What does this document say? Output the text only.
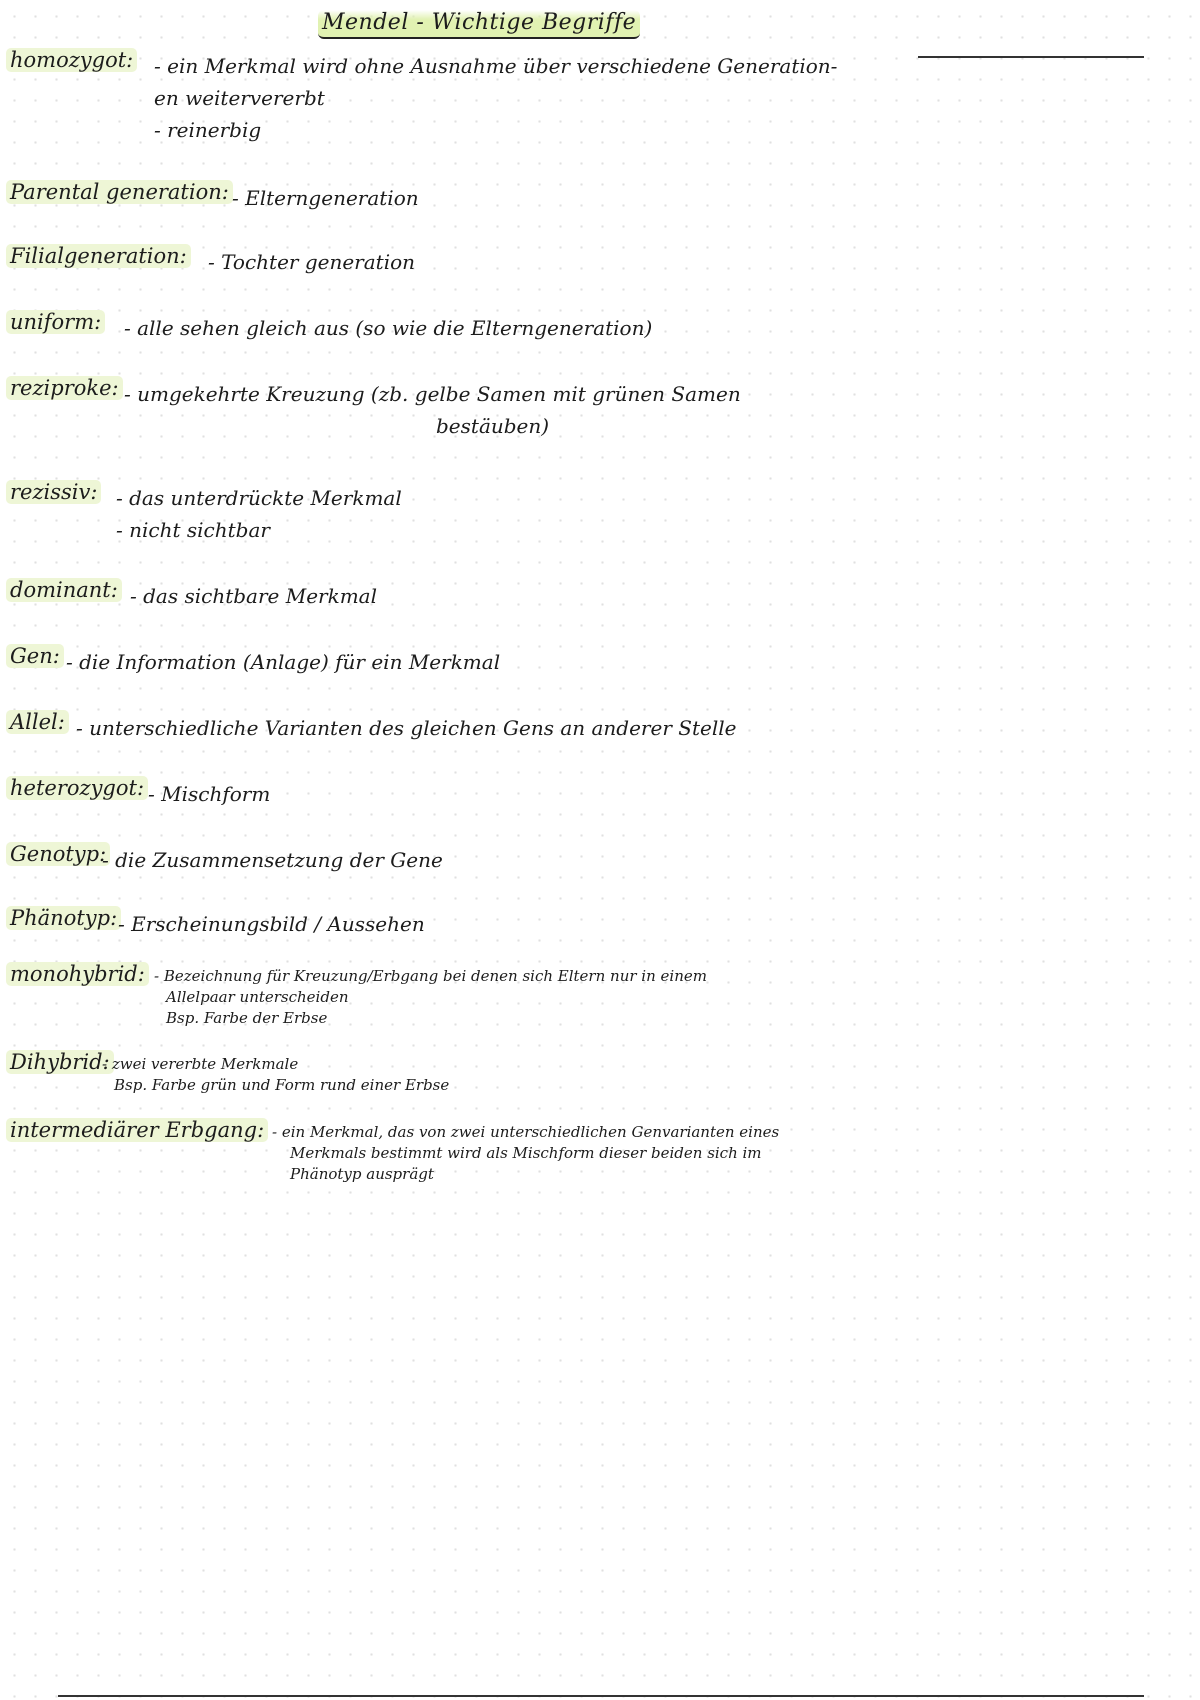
Mendel - Wichtige Begriffe
homozygot: - ein Merkmal wird ohne Ausnahme über verschiedene Generation-
en weitervererbt
- reinerbig
Parental generation: - Elterngeneration
Filialgeneration: - Tochter generation
uniform: - alle sehen gleich aus (so wie die Elterngeneration)
reziproke: - umgekehrte Kreuzung (zb. gelbe Samen mit grünen Samen
bestäuben)
rezissiv: - das unterdrückte Merkmal
- nicht sichtbar
dominant: - das sichtbare Merkmal
Gen: - die Information (Anlage) für ein Merkmal
Allel: - unterschiedliche Varianten des gleichen Gens an anderer Stelle
heterozygot: - Mischform
Genotyp:
- die Zusammensetzung der Gene
Phänotyp: - Erscheinungsbild / Aussehen
monohybrid: - Bezeichnung für Kreuzung/Erbgang bei denen sich Eltern nur in einem
Allelpaar unterscheiden
Bsp. Farbe der Erbse
Dihybrid:
- zwei vererbte Merkmale
Bsp. Farbe grün und Form rund einer Erbse
intermediärer Erbgang: - ein Merkmal, das von zwei unterschiedlichen Genvarianten eines
Merkmals bestimmt wird als Mischform dieser beiden sich im
Phänotyp ausprägt
